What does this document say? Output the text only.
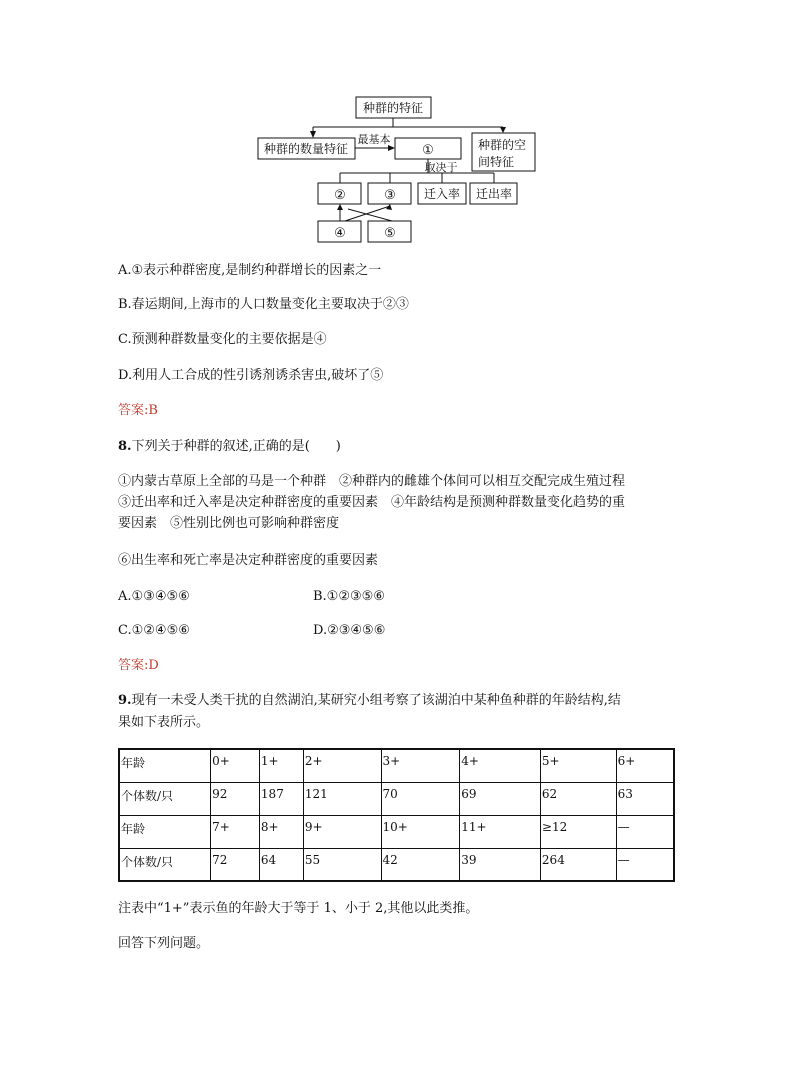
种群的特征
种群的数量特征
最基本
①
取决于
种群的空
间特征
②	③ 迁入率 迁出率
④	⑤
A.①表示种群密度,是制约种群增长的因素之一
B.春运期间,上海市的人口数量变化主要取决于②③
C.预测种群数量变化的主要依据是④
D.利用人工合成的性引诱剂诱杀害虫,破坏了⑤
答案:B
8.下列关于种群的叙述,正确的是(　　)
①内蒙古草原上全部的马是一个种群　②种群内的雌雄个体间可以相互交配完成生殖过程
③迁出率和迁入率是决定种群密度的重要因素　④年龄结构是预测种群数量变化趋势的重
要因素　⑤性别比例也可影响种群密度
⑥出生率和死亡率是决定种群密度的重要因素
A.①③④⑤⑥	B.①②③⑤⑥
C.①②④⑤⑥	D.②③④⑤⑥
答案:D
9.现有一未受人类干扰的自然湖泊,某研究小组考察了该湖泊中某种鱼种群的年龄结构,结
果如下表所示。
年龄	0+	1+	2+	3+	4+	5+	6+
个体数/只	92	187	121	70	69	62	63
年龄	7+	8+	9+	10+	11+	≥12	—
个体数/只	72	64	55	42	39	264	—
注表中“1+”表示鱼的年龄大于等于 1、小于 2,其他以此类推。
回答下列问题。
